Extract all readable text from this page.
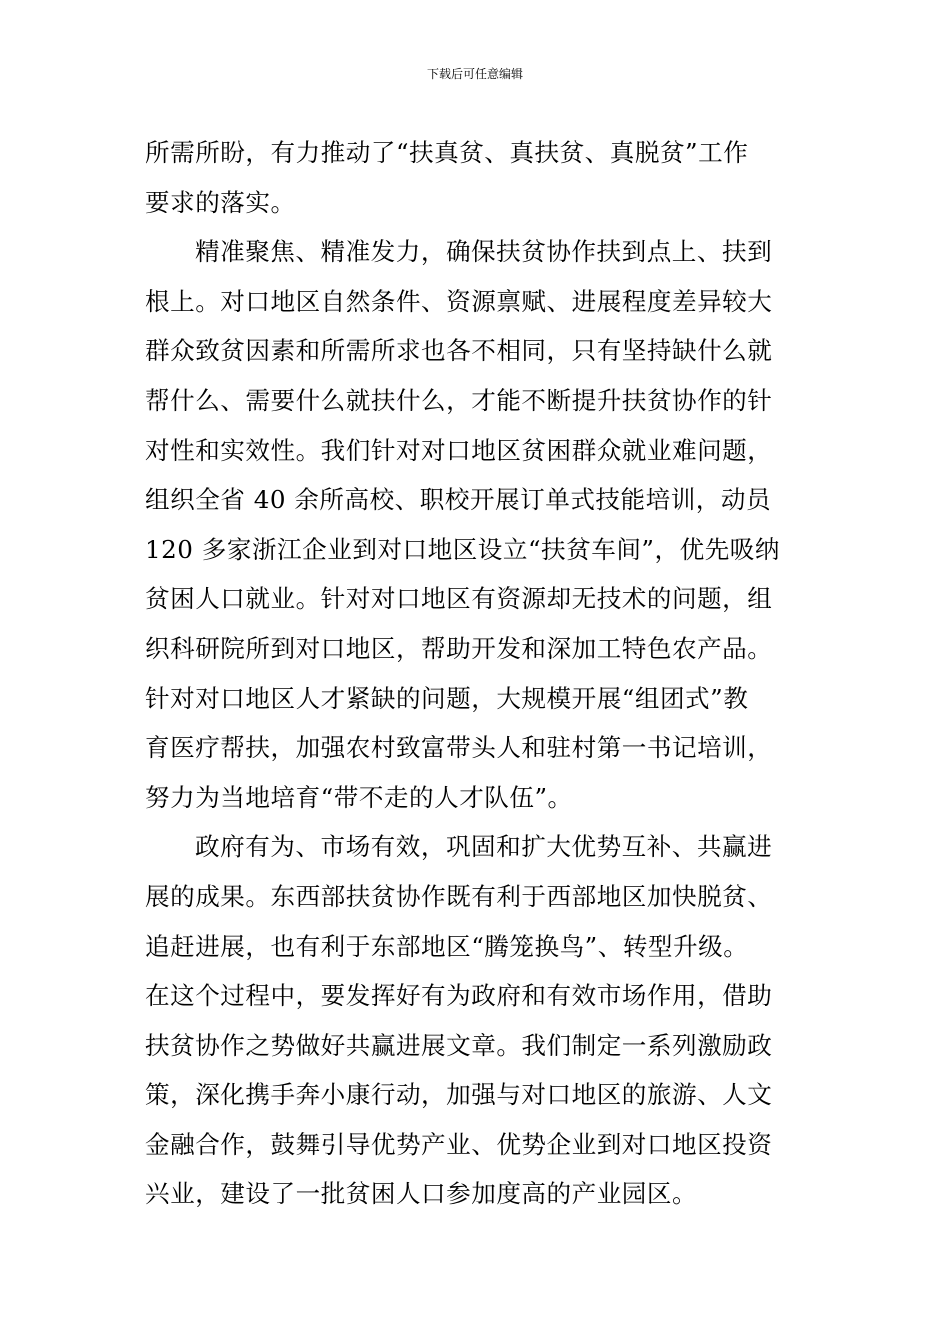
下载后可任意编辑
所需所盼，有力推动了“扶真贫、真扶贫、真脱贫”工作
要求的落实。
精准聚焦、精准发力，确保扶贫协作扶到点上、扶到
根上。对口地区自然条件、资源禀赋、进展程度差异较大
群众致贫因素和所需所求也各不相同，只有坚持缺什么就
帮什么、需要什么就扶什么，才能不断提升扶贫协作的针
对性和实效性。我们针对对口地区贫困群众就业难问题，
组织全省 40 余所高校、职校开展订单式技能培训，动员
120 多家浙江企业到对口地区设立“扶贫车间”，优先吸纳
贫困人口就业。针对对口地区有资源却无技术的问题，组
织科研院所到对口地区，帮助开发和深加工特色农产品。
针对对口地区人才紧缺的问题，大规模开展“组团式”教
育医疗帮扶，加强农村致富带头人和驻村第一书记培训，
努力为当地培育“带不走的人才队伍”。
政府有为、市场有效，巩固和扩大优势互补、共赢进
展的成果。东西部扶贫协作既有利于西部地区加快脱贫、
追赶进展，也有利于东部地区“腾笼换鸟”、转型升级。
在这个过程中，要发挥好有为政府和有效市场作用，借助
扶贫协作之势做好共赢进展文章。我们制定一系列激励政
策，深化携手奔小康行动，加强与对口地区的旅游、人文
金融合作，鼓舞引导优势产业、优势企业到对口地区投资
兴业，建设了一批贫困人口参加度高的产业园区。
